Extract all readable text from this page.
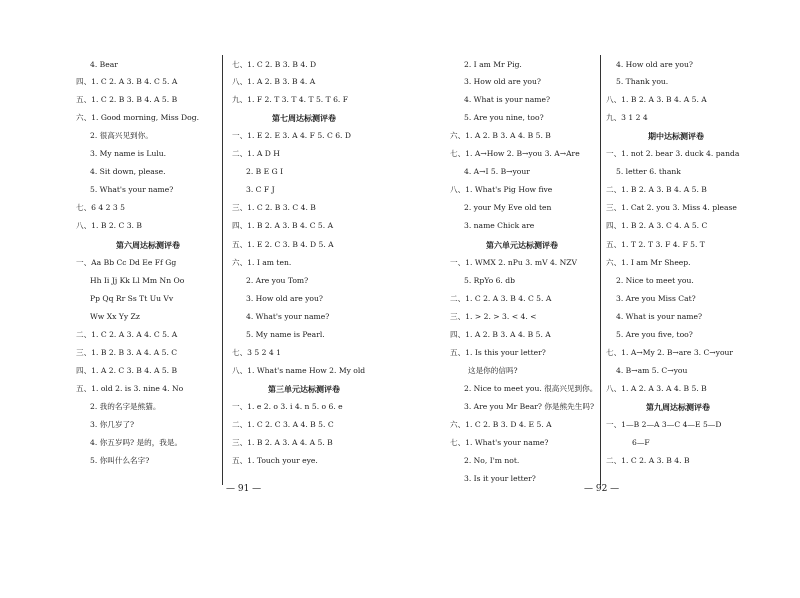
— 91 —	— 92 —
4. Bear
四、1. C 2. A 3. B 4. C 5. A
五、1. C 2. B 3. B 4. A 5. B
六、1. Good morning, Miss Dog.
2. 很高兴见到你。
3. My name is Lulu.
4. Sit down, please.
5. What's your name?
七、6 4 2 3 5
八、1. B 2. C 3. B
第六周达标测评卷
一、Aa Bb Cc Dd Ee Ff Gg
Hh Ii Jj Kk Ll Mm Nn Oo
Pp Qq Rr Ss Tt Uu Vv
Ww Xx Yy Zz
二、1. C 2. A 3. A 4. C 5. A
三、1. B 2. B 3. A 4. A 5. C
四、1. A 2. C 3. B 4. A 5. B
五、1. old 2. is 3. nine 4. No
2. 我的名字是熊猫。
3. 你几岁了?
4. 你五岁吗? 是的，我是。
5. 你叫什么名字?
七、1. C 2. B 3. B 4. D
八、1. A 2. B 3. B 4. A
九、1. F 2. T 3. T 4. T 5. T 6. F
第七周达标测评卷
一、1. E 2. E 3. A 4. F 5. C 6. D
二、1. A D H
2. B E G I
3. C F J
三、1. C 2. B 3. C 4. B
四、1. B 2. A 3. B 4. C 5. A
五、1. E 2. C 3. B 4. D 5. A
六、1. I am ten.
2. Are you Tom?
3. How old are you?
4. What's your name?
5. My name is Pearl.
七、3 5 2 4 1
八、1. What's name How 2. My old
第三单元达标测评卷
一、1. e 2. o 3. i 4. n 5. o 6. e
二、1. C 2. C 3. A 4. B 5. C
三、1. B 2. A 3. A 4. A 5. B
五、1. Touch your eye.
2. I am Mr Pig.
3. How old are you?
4. What is your name?
5. Are you nine, too?
六、1. A 2. B 3. A 4. B 5. B
七、1. A→How 2. B→you 3. A→Are
4. A→I 5. B→your
八、1. What's Pig How five
2. your My Eve old ten
3. name Chick are
第六单元达标测评卷
一、1. WMX 2. nPu 3. mV 4. NZV
5. RpYo 6. db
二、1. C 2. A 3. B 4. C 5. A
三、1. > 2. > 3. < 4. <
四、1. A 2. B 3. A 4. B 5. A
五、1. Is this your letter?
这是你的信吗?
2. Nice to meet you. 很高兴见到你。
3. Are you Mr Bear? 你是熊先生吗?
六、1. C 2. B 3. D 4. E 5. A
七、1. What's your name?
2. No, I'm not.
3. Is it your letter?
4. How old are you?
5. Thank you.
八、1. B 2. A 3. B 4. A 5. A
九、3 1 2 4
期中达标测评卷
一、1. not 2. bear 3. duck 4. panda
5. letter 6. thank
二、1. B 2. A 3. B 4. A 5. B
三、1. Cat 2. you 3. Miss 4. please
四、1. B 2. A 3. C 4. A 5. C
五、1. T 2. T 3. F 4. F 5. T
六、1. I am Mr Sheep.
2. Nice to meet you.
3. Are you Miss Cat?
4. What is your name?
5. Are you five, too?
七、1. A→My 2. B→are 3. C→your
4. B→am 5. C→you
八、1. A 2. A 3. A 4. B 5. B
第九周达标测评卷
一、1—B 2—A 3—C 4—E 5—D
6—F
二、1. C 2. A 3. B 4. B
